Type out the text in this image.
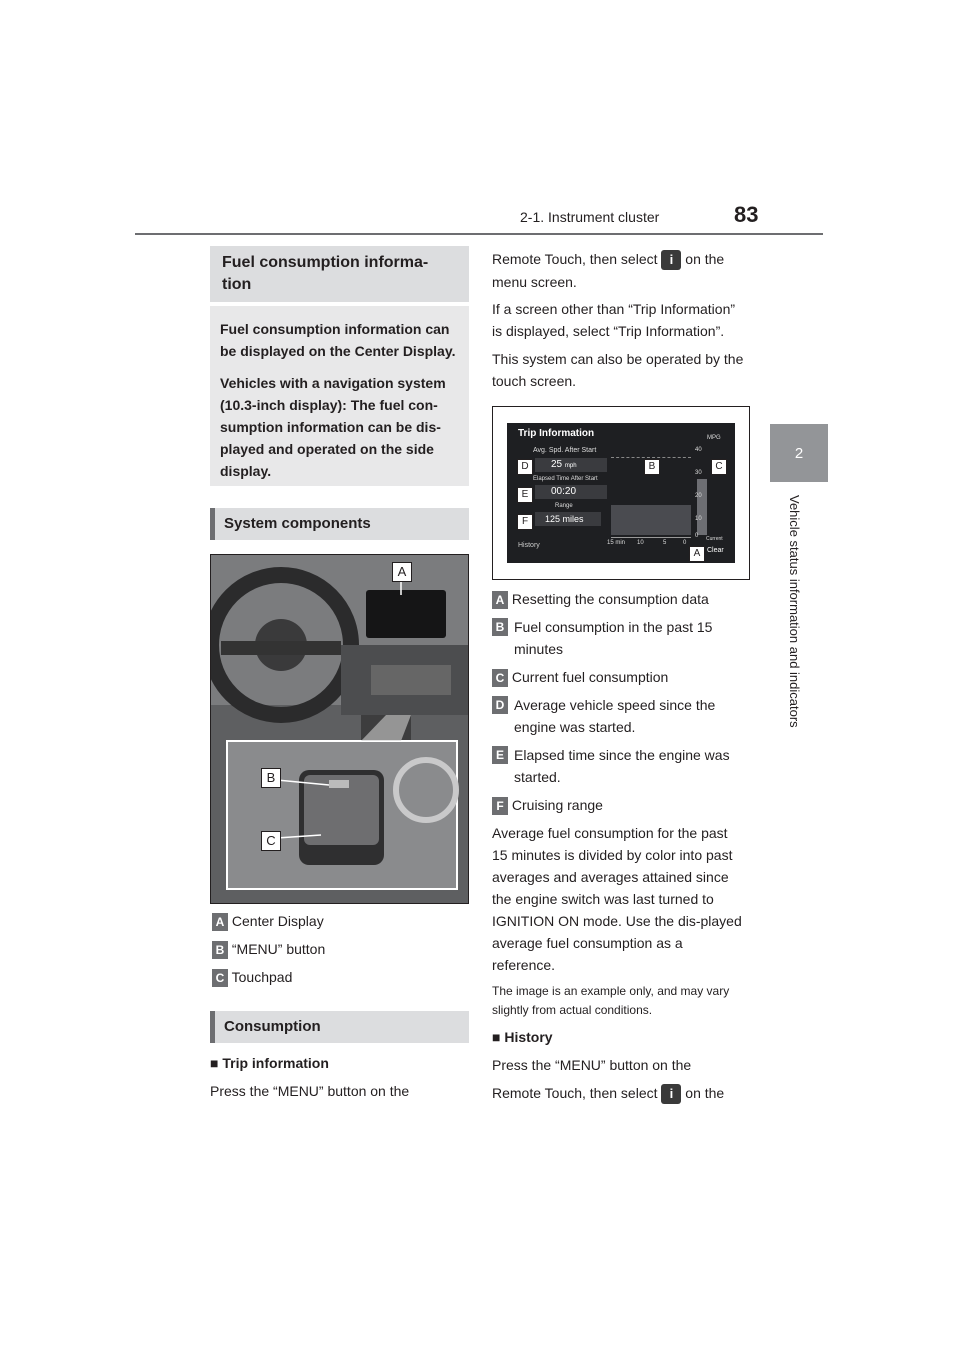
2-1. Instrument cluster	83
2
Vehicle status information and indicators
Fuel consumption informa-
tion

Fuel consumption information can be displayed on the Center Display.

Vehicles with a navigation system (10.3-inch display): The fuel con-sumption information can be dis-played and operated on the side display.

System components
A
B
C
A Center Display
B “MENU” button
C Touchpad
Consumption
■ Trip information
Press the “MENU” button on the
Remote Touch, then select i on the
menu screen.
If a screen other than “Trip Information” is displayed, select “Trip Information”.
This system can also be operated by the touch screen.
Trip Information
Avg. Spd. After Start
25 mph
Elapsed Time After Start
00:20
Range
125 miles
History
MPG
40
30
20
10
0
15 min 10	5	0
Current
Clear
D	B	C
E
F
A
A Resetting the consumption data
B Fuel consumption in the past 15 minutes
C Current fuel consumption
D Average vehicle speed since the engine was started.
E Elapsed time since the engine was started.
F Cruising range
Average fuel consumption for the past 15 minutes is divided by color into past averages and averages attained since the engine switch was last turned to IGNITION ON mode. Use the dis-played average fuel consumption as a reference.
The image is an example only, and may vary slightly from actual conditions.
■ History
Press the “MENU” button on the
Remote Touch, then select i on the
